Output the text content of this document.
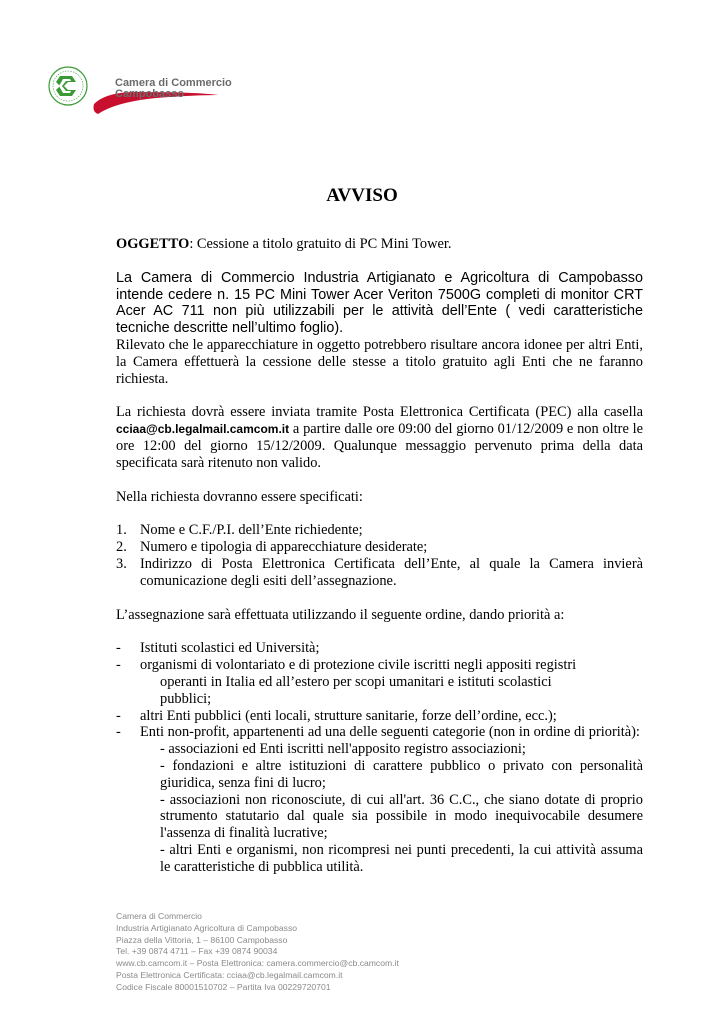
Camera di Commercio
Campobasso
AVVISO

OGGETTO: Cessione a titolo gratuito di PC Mini Tower.

La Camera di Commercio Industria Artigianato e Agricoltura di Campobasso intende cedere n. 15 PC Mini Tower Acer Veriton 7500G completi di monitor CRT Acer AC 711 non più utilizzabili per le attività dell’Ente ( vedi caratteristiche tecniche descritte nell’ultimo foglio).

Rilevato che le apparecchiature in oggetto potrebbero risultare ancora idonee per altri Enti, la Camera effettuerà la cessione delle stesse a titolo gratuito agli Enti che ne faranno richiesta.

La richiesta dovrà essere inviata tramite Posta Elettronica Certificata (PEC) alla casella cciaa@cb.legalmail.camcom.it a partire dalle ore 09:00 del giorno 01/12/2009 e non oltre le ore 12:00 del giorno 15/12/2009. Qualunque messaggio pervenuto prima della data specificata sarà ritenuto non valido.

Nella richiesta dovranno essere specificati:

1. Nome e C.F./P.I. dell’Ente richiedente;
2. Numero e tipologia di apparecchiature desiderate;
3. Indirizzo di Posta Elettronica Certificata dell’Ente, al quale la Camera invierà comunicazione degli esiti dell’assegnazione.

L’assegnazione sarà effettuata utilizzando il seguente ordine, dando priorità a:

- Istituti scolastici ed Università;
- organismi di volontariato e di protezione civile iscritti negli appositi registri
operanti in Italia ed all’estero per scopi umanitari e istituti scolastici
pubblici;
- altri Enti pubblici (enti locali, strutture sanitarie, forze dell’ordine, ecc.);
- Enti non-profit, appartenenti ad una delle seguenti categorie (non in ordine di priorità):
- associazioni ed Enti iscritti nell'apposito registro associazioni;
- fondazioni e altre istituzioni di carattere pubblico o privato con personalità giuridica, senza fini di lucro;
- associazioni non riconosciute, di cui all'art. 36 C.C., che siano dotate di proprio strumento statutario dal quale sia possibile in modo inequivocabile desumere l'assenza di finalità lucrative;
- altri Enti e organismi, non ricompresi nei punti precedenti, la cui attività assuma le caratteristiche di pubblica utilità.
Camera di Commercio
Industria Artigianato Agricoltura di Campobasso
Piazza della Vittoria, 1 – 86100 Campobasso
Tel. +39 0874 4711 – Fax +39 0874 90034
www.cb.camcom.it – Posta Elettronica: camera.commercio@cb.camcom.it
Posta Elettronica Certificata: cciaa@cb.legalmail.camcom.it
Codice Fiscale 80001510702 – Partita Iva 00229720701
